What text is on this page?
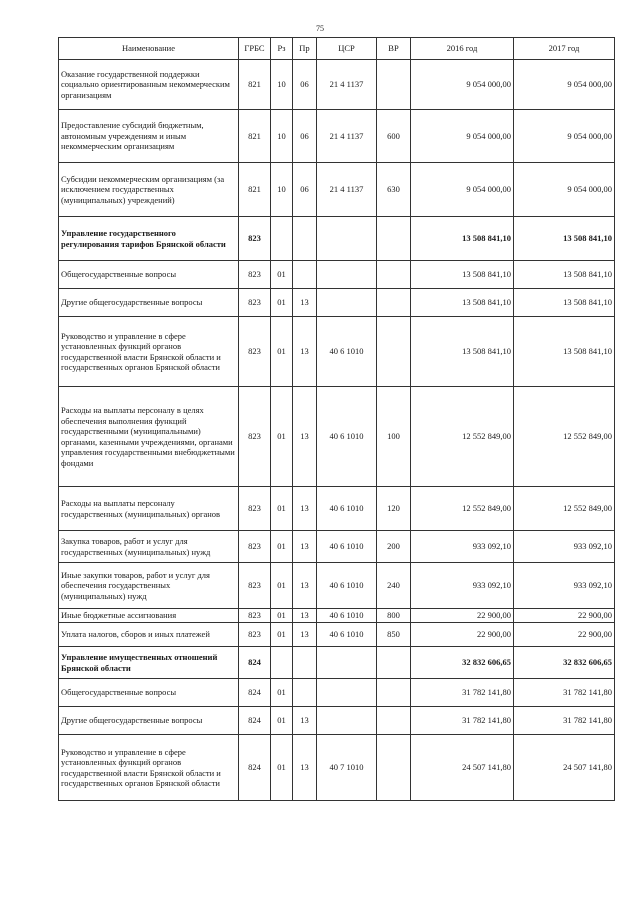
75
Наименование	ГРБС	Рз	Пр	ЦСР	ВР	2016 год	2017 год
Оказание государственной поддержки социально ориентированным некоммерческим организациям	821	10	06	21 4 1137		9 054 000,00	9 054 000,00
Предоставление субсидий бюджетным, автономным учреждениям и иным некоммерческим организациям	821	10	06	21 4 1137	600	9 054 000,00	9 054 000,00
Субсидии некоммерческим организациям (за исключением государственных (муниципальных) учреждений)	821	10	06	21 4 1137	630	9 054 000,00	9 054 000,00
Управление государственного регулирования тарифов Брянской области	823					13 508 841,10	13 508 841,10
Общегосударственные вопросы	823	01				13 508 841,10	13 508 841,10
Другие общегосударственные вопросы	823	01	13			13 508 841,10	13 508 841,10
Руководство и управление в сфере установленных функций органов государственной власти Брянской области и государственных органов Брянской области	823	01	13	40 6 1010		13 508 841,10	13 508 841,10
Расходы на выплаты персоналу в целях обеспечения выполнения функций государственными (муниципальными) органами, казенными учреждениями, органами управления государственными внебюджетными фондами	823	01	13	40 6 1010	100	12 552 849,00	12 552 849,00
Расходы на выплаты персоналу государственных (муниципальных) органов	823	01	13	40 6 1010	120	12 552 849,00	12 552 849,00
Закупка товаров, работ и услуг для государственных (муниципальных) нужд	823	01	13	40 6 1010	200	933 092,10	933 092,10
Иные закупки товаров, работ и услуг для обеспечения государственных (муниципальных) нужд	823	01	13	40 6 1010	240	933 092,10	933 092,10
Иные бюджетные ассигнования	823	01	13	40 6 1010	800	22 900,00	22 900,00
Уплата налогов, сборов и иных платежей	823	01	13	40 6 1010	850	22 900,00	22 900,00
Управление имущественных отношений Брянской области	824					32 832 606,65	32 832 606,65
Общегосударственные вопросы	824	01				31 782 141,80	31 782 141,80
Другие общегосударственные вопросы	824	01	13			31 782 141,80	31 782 141,80
Руководство и управление в сфере установленных функций органов государственной власти Брянской области и государственных органов Брянской области	824	01	13	40 7 1010		24 507 141,80	24 507 141,80
